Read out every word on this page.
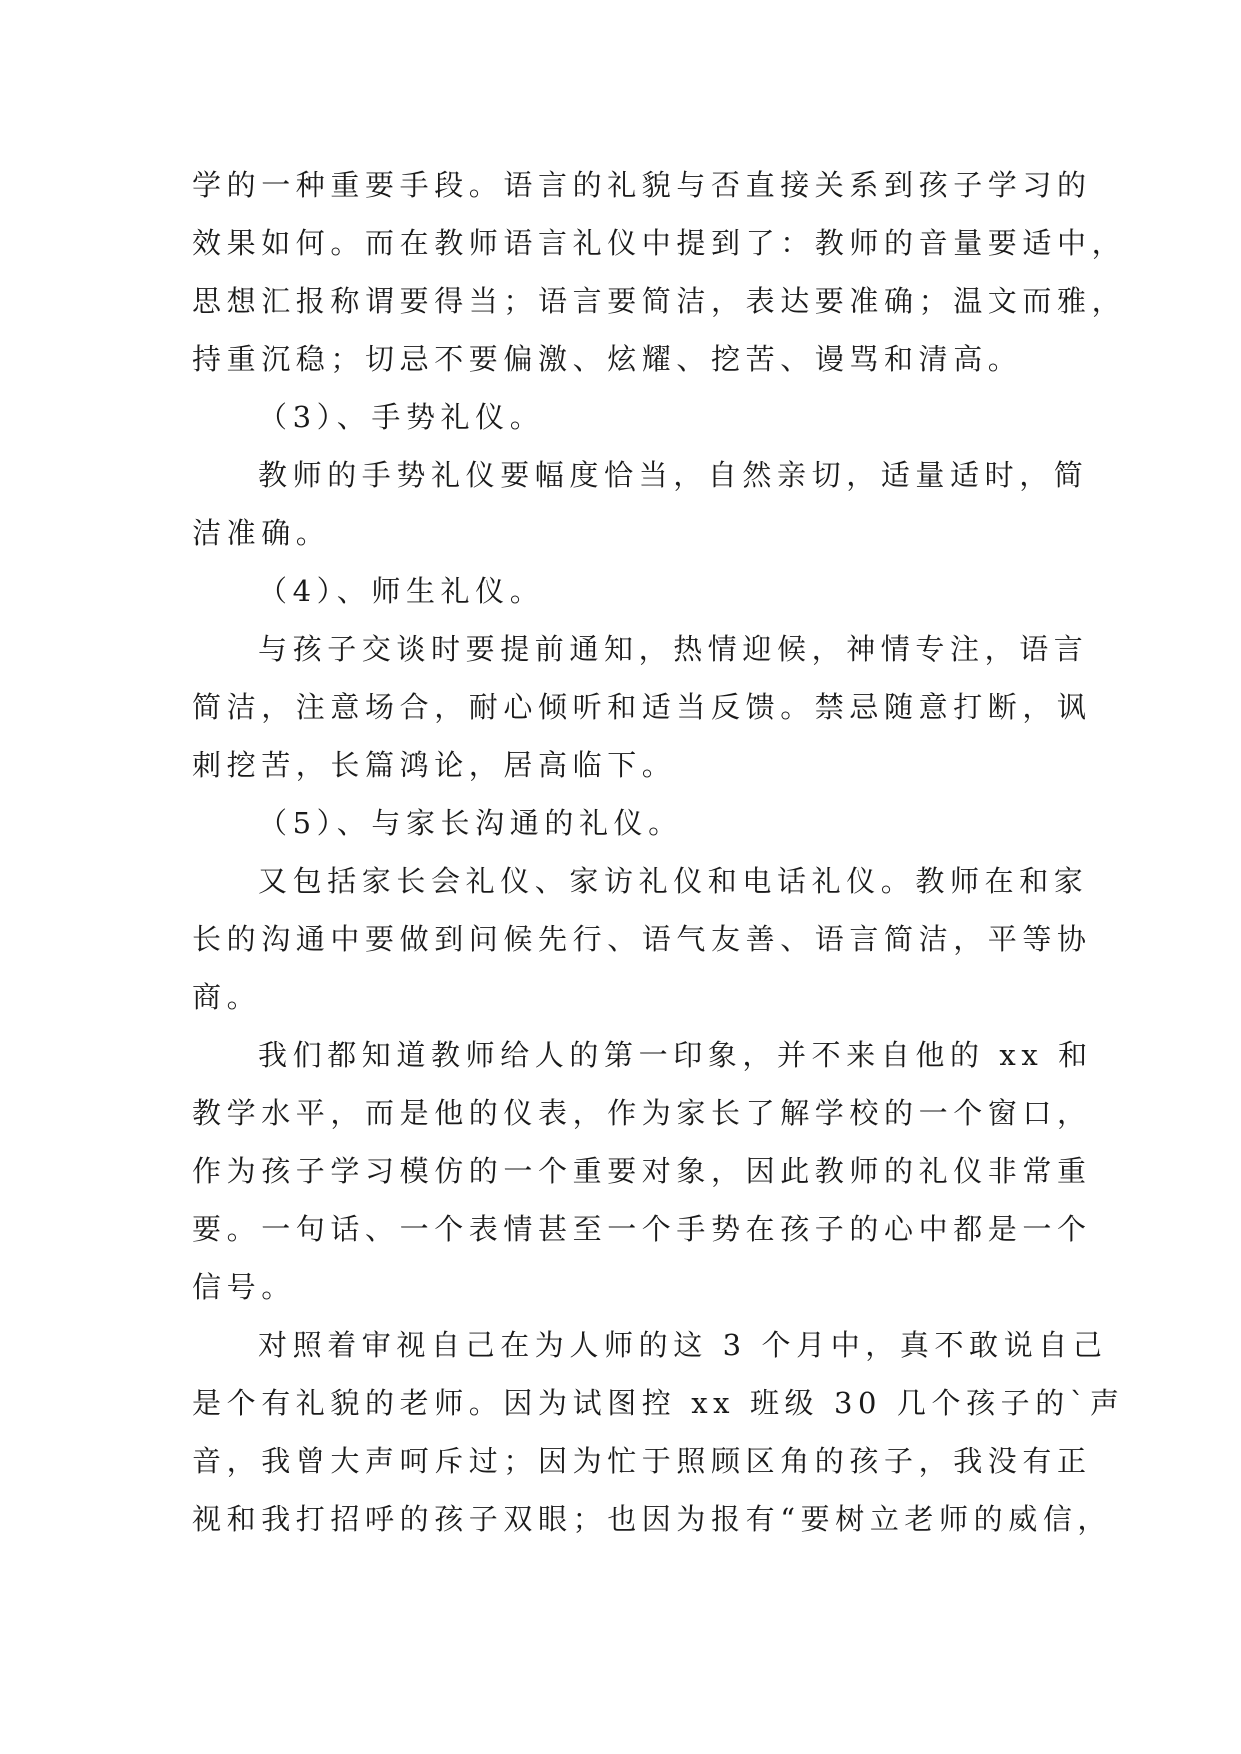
学的一种重要手段。语言的礼貌与否直接关系到孩子学习的
效果如何。而在教师语言礼仪中提到了：教师的音量要适中，
思想汇报称谓要得当；语言要简洁，表达要准确；温文而雅，
持重沉稳；切忌不要偏激、炫耀、挖苦、谩骂和清高。
（3）、手势礼仪。
教师的手势礼仪要幅度恰当，自然亲切，适量适时，简
洁准确。
（4）、师生礼仪。
与孩子交谈时要提前通知，热情迎候，神情专注，语言
简洁，注意场合，耐心倾听和适当反馈。禁忌随意打断，讽
刺挖苦，长篇鸿论，居高临下。
（5）、与家长沟通的礼仪。
又包括家长会礼仪、家访礼仪和电话礼仪。教师在和家
长的沟通中要做到问候先行、语气友善、语言简洁，平等协
商。
我们都知道教师给人的第一印象，并不来自他的 xx 和
教学水平，而是他的仪表，作为家长了解学校的一个窗口，
作为孩子学习模仿的一个重要对象，因此教师的礼仪非常重
要。一句话、一个表情甚至一个手势在孩子的心中都是一个
信号。
对照着审视自己在为人师的这 3 个月中，真不敢说自己
是个有礼貌的老师。因为试图控 xx 班级 30 几个孩子的`声
音，我曾大声呵斥过；因为忙于照顾区角的孩子，我没有正
视和我打招呼的孩子双眼；也因为报有“要树立老师的威信，
